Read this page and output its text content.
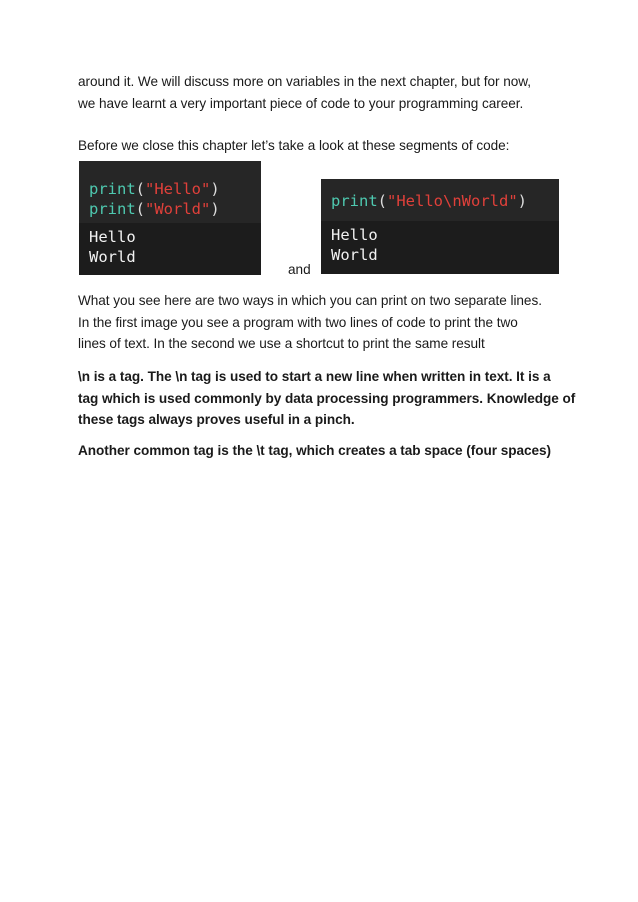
around it. We will discuss more on variables in the next chapter, but for now,
we have learnt a very important piece of code to your programming career.
Before we close this chapter let’s take a look at these segments of code:
print("Hello")
print("World")
Hello
World
and
print("Hello\nWorld")
Hello
World
What you see here are two ways in which you can print on two separate lines.
In the first image you see a program with two lines of code to print the two
lines of text. In the second we use a shortcut to print the same result
\n is a tag. The \n tag is used to start a new line when written in text. It is a
tag which is used commonly by data processing programmers. Knowledge of
these tags always proves useful in a pinch.
Another common tag is the \t tag, which creates a tab space (four spaces)
